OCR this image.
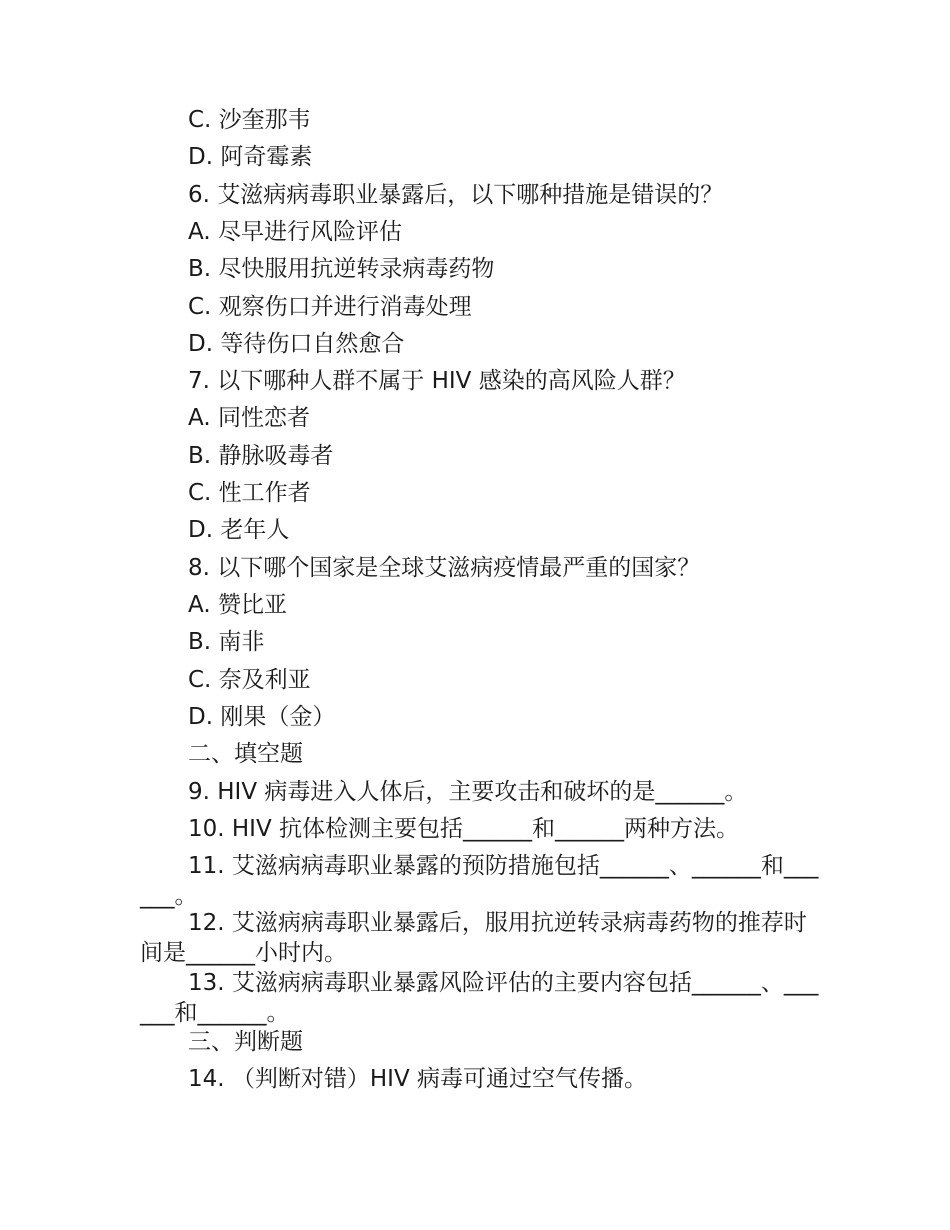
C. 沙奎那韦
D. 阿奇霉素
6. 艾滋病病毒职业暴露后，以下哪种措施是错误的？
A. 尽早进行风险评估
B. 尽快服用抗逆转录病毒药物
C. 观察伤口并进行消毒处理
D. 等待伤口自然愈合
7. 以下哪种人群不属于 HIV 感染的高风险人群？
A. 同性恋者
B. 静脉吸毒者
C. 性工作者
D. 老年人
8. 以下哪个国家是全球艾滋病疫情最严重的国家？
A. 赞比亚
B. 南非
C. 奈及利亚
D. 刚果（金）
二、填空题
9. HIV 病毒进入人体后，主要攻击和破坏的是______。
10. HIV 抗体检测主要包括______和______两种方法。
11. 艾滋病病毒职业暴露的预防措施包括______、______和______。
12. 艾滋病病毒职业暴露后，服用抗逆转录病毒药物的推荐时间是______小时内。
13. 艾滋病病毒职业暴露风险评估的主要内容包括______、______和______。
三、判断题
14. （判断对错）HIV 病毒可通过空气传播。
